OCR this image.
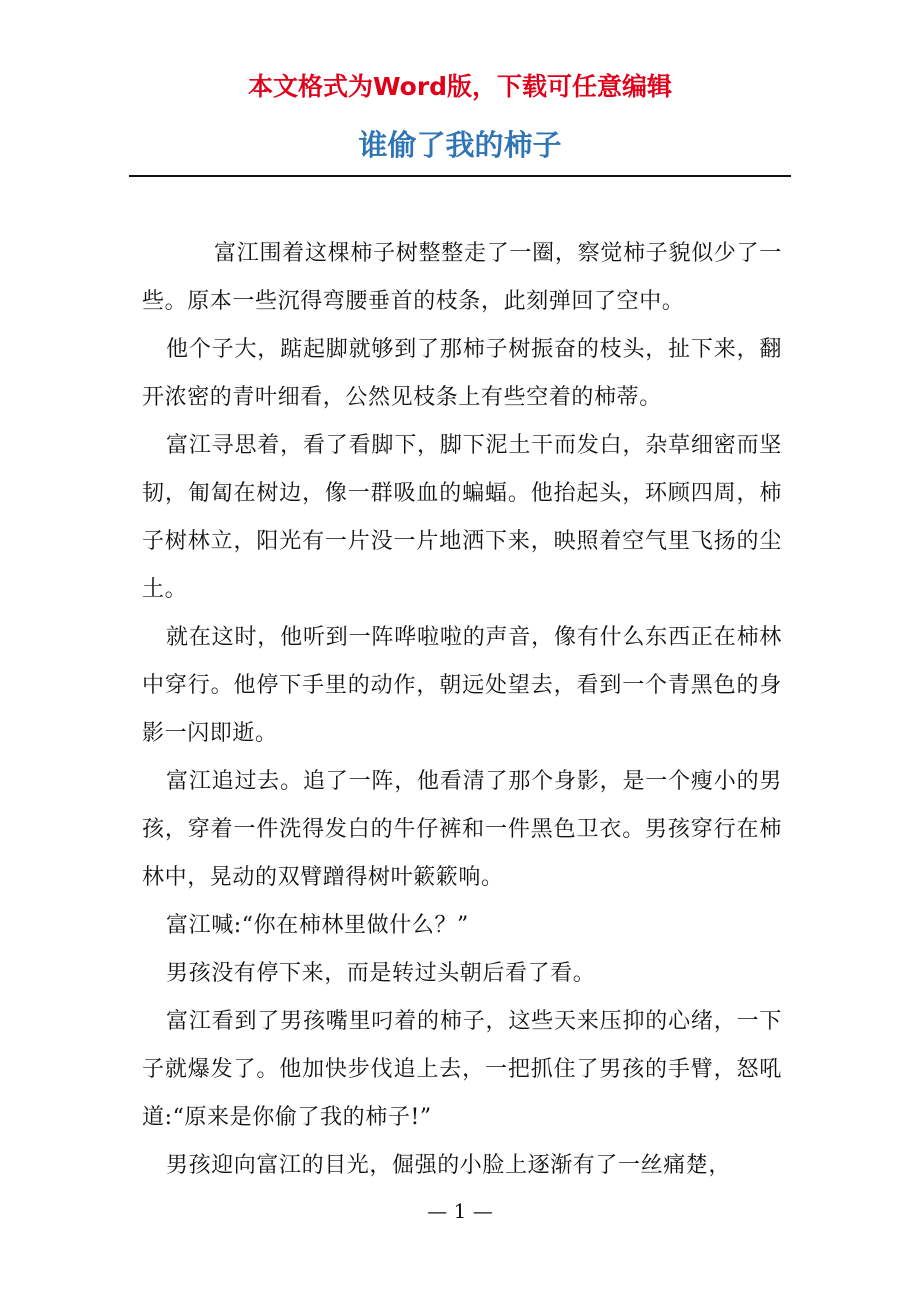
本文格式为Word版，下载可任意编辑
谁偷了我的柿子

富江围着这棵柿子树整整走了一圈，察觉柿子貌似少了一些。原本一些沉得弯腰垂首的枝条，此刻弹回了空中。

他个子大，踮起脚就够到了那柿子树振奋的枝头，扯下来，翻开浓密的青叶细看，公然见枝条上有些空着的柿蒂。

富江寻思着，看了看脚下，脚下泥土干而发白，杂草细密而坚韧，匍匐在树边，像一群吸血的蝙蝠。他抬起头，环顾四周，柿子树林立，阳光有一片没一片地洒下来，映照着空气里飞扬的尘土。

就在这时，他听到一阵哗啦啦的声音，像有什么东西正在柿林中穿行。他停下手里的动作，朝远处望去，看到一个青黑色的身影一闪即逝。

富江追过去。追了一阵，他看清了那个身影，是一个瘦小的男孩，穿着一件洗得发白的牛仔裤和一件黑色卫衣。男孩穿行在柿林中，晃动的双臂蹭得树叶簌簌响。

富江喊:“你在柿林里做什么？”

男孩没有停下来，而是转过头朝后看了看。

富江看到了男孩嘴里叼着的柿子，这些天来压抑的心绪，一下子就爆发了。他加快步伐追上去，一把抓住了男孩的手臂，怒吼道:“原来是你偷了我的柿子!”

男孩迎向富江的目光，倔强的小脸上逐渐有了一丝痛楚，

— 1 —
